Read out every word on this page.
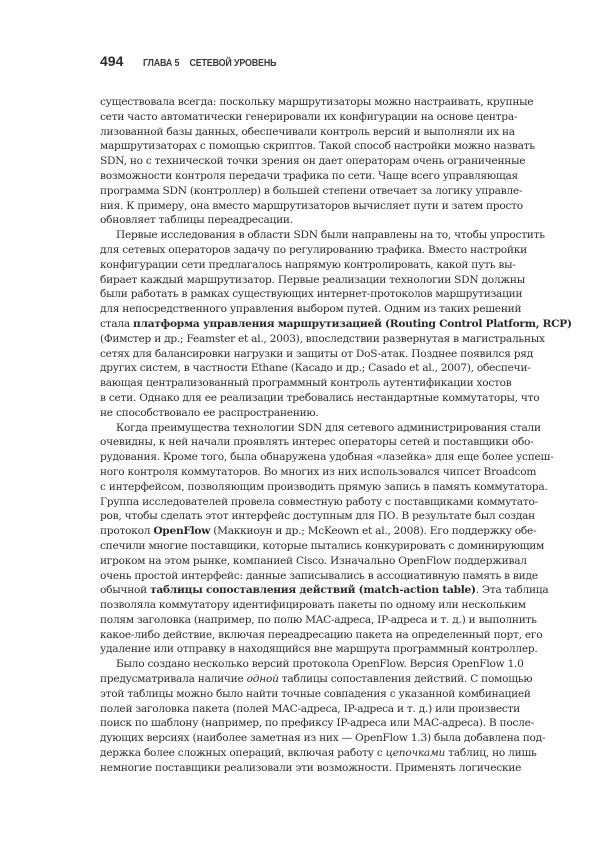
494 ГЛАВА 5 СЕТЕВОЙ УРОВЕНЬ
существовала всегда: поскольку маршрутизаторы можно настраивать, крупные
сети часто автоматически генерировали их конфигурации на основе центра-
лизованной базы данных, обеспечивали контроль версий и выполняли их на
маршрутизаторах с помощью скриптов. Такой способ настройки можно назвать
SDN, но с технической точки зрения он дает операторам очень ограниченные
возможности контроля передачи трафика по сети. Чаще всего управляющая
программа SDN (контроллер) в большей степени отвечает за логику управле-
ния. К примеру, она вместо маршрутизаторов вычисляет пути и затем просто
обновляет таблицы переадресации.
Первые исследования в области SDN были направлены на то, чтобы упростить
для сетевых операторов задачу по регулированию трафика. Вместо настройки
конфигурации сети предлагалось напрямую контролировать, какой путь вы-
бирает каждый маршрутизатор. Первые реализации технологии SDN должны
были работать в рамках существующих интернет-протоколов маршрутизации
для непосредственного управления выбором путей. Одним из таких решений
стала платформа управления маршрутизацией (Routing Control Platform, RCP)
(Фимстер и др.; Feamster et al., 2003), впоследствии развернутая в магистральных
сетях для балансировки нагрузки и защиты от DoS-атак. Позднее появился ряд
других систем, в частности Ethane (Касадо и др.; Casado et al., 2007), обеспечи-
вающая централизованный программный контроль аутентификации хостов
в сети. Однако для ее реализации требовались нестандартные коммутаторы, что
не способствовало ее распространению.
Когда преимущества технологии SDN для сетевого администрирования стали
очевидны, к ней начали проявлять интерес операторы сетей и поставщики обо-
рудования. Кроме того, была обнаружена удобная «лазейка» для еще более успеш-
ного контроля коммутаторов. Во многих из них использовался чипсет Broadcom
с интерфейсом, позволяющим производить прямую запись в память коммутатора.
Группа исследователей провела совместную работу с поставщиками коммутато-
ров, чтобы сделать этот интерфейс доступным для ПО. В результате был создан
протокол OpenFlow (Маккиоун и др.; McKeown et al., 2008). Его поддержку обе-
спечили многие поставщики, которые пытались конкурировать с доминирующим
игроком на этом рынке, компанией Cisco. Изначально OpenFlow поддерживал
очень простой интерфейс: данные записывались в ассоциативную память в виде
обычной таблицы сопоставления действий (match-action table). Эта таблица
позволяла коммутатору идентифицировать пакеты по одному или нескольким
полям заголовка (например, по полю MAC-адреса, IP-адреса и т. д.) и выполнить
какое-либо действие, включая переадресацию пакета на определенный порт, его
удаление или отправку в находящийся вне маршрута программный контроллер.
Было создано несколько версий протокола OpenFlow. Версия OpenFlow 1.0
предусматривала наличие одной таблицы сопоставления действий. С помощью
этой таблицы можно было найти точные совпадения с указанной комбинацией
полей заголовка пакета (полей MAC-адреса, IP-адреса и т. д.) или произвести
поиск по шаблону (например, по префиксу IP-адреса или MAC-адреса). В после-
дующих версиях (наиболее заметная из них — OpenFlow 1.3) была добавлена под-
держка более сложных операций, включая работу с цепочками таблиц, но лишь
немногие поставщики реализовали эти возможности. Применять логические
